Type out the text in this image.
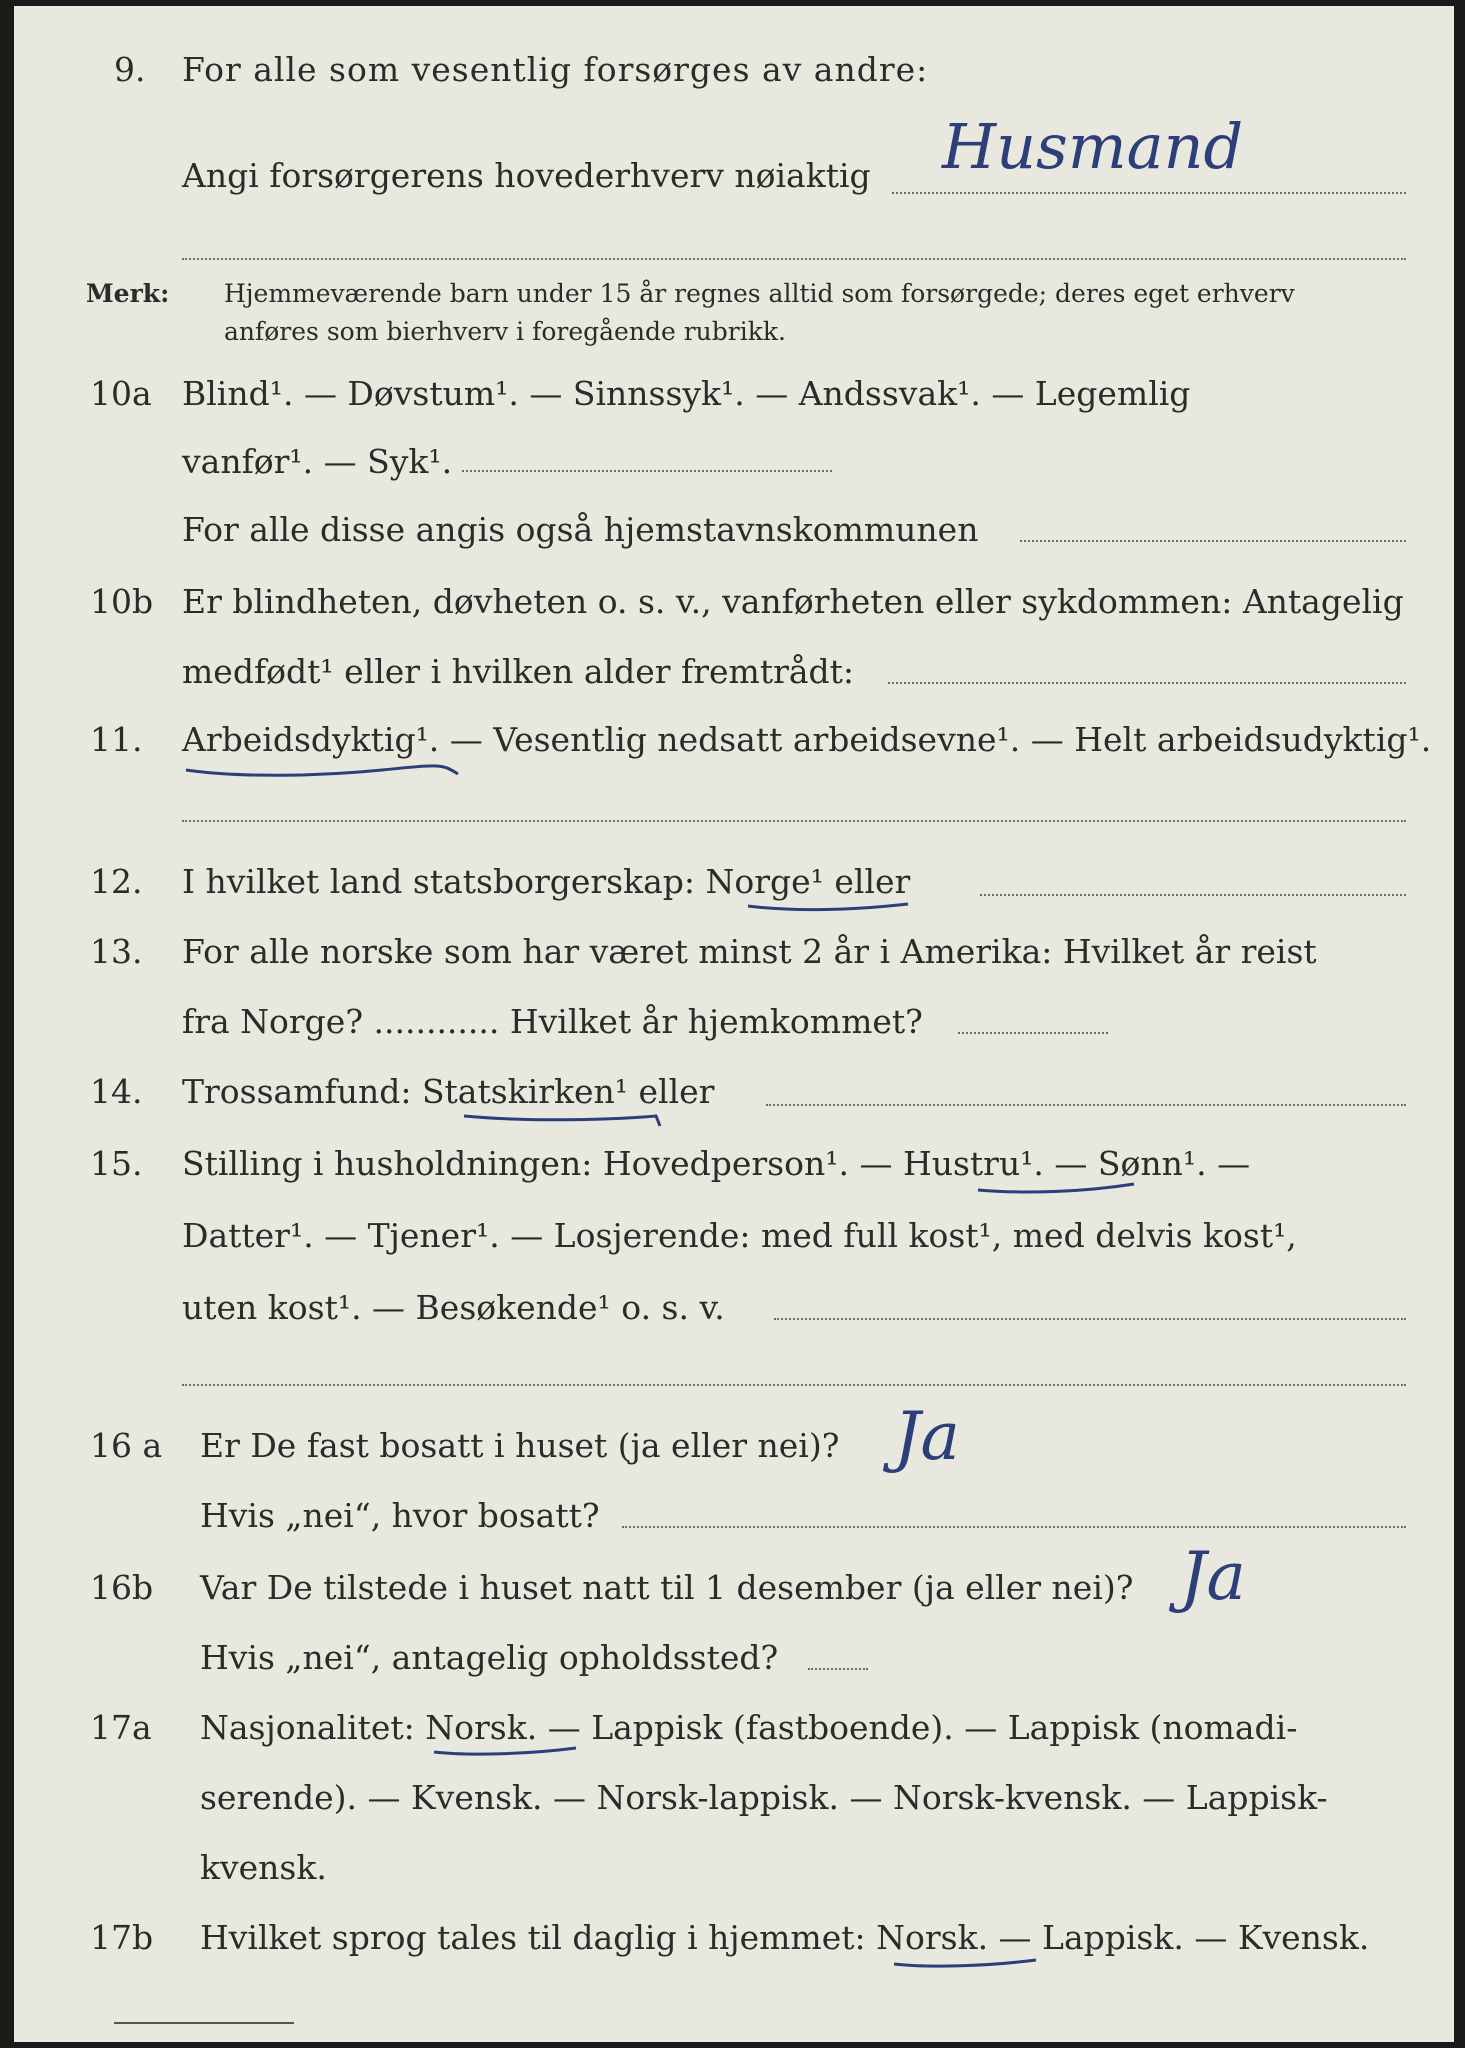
9. For alle som vesentlig forsørges av andre:
Angi forsørgerens hovederhverv nøiaktig Husmand
Merk: Hjemmeværende barn under 15 år regnes alltid som forsørgede; deres eget erhverv
anføres som bierhverv i foregående rubrikk.
10a Blind¹. — Døvstum¹. — Sinnssyk¹. — Andssvak¹. — Legemlig
vanfør¹. — Syk¹.
For alle disse angis også hjemstavnskommunen
10b Er blindheten, døvheten o. s. v., vanførheten eller sykdommen: Antagelig
medfødt¹ eller i hvilken alder fremtrådt:
11. Arbeidsdyktig¹. — Vesentlig nedsatt arbeidsevne¹. — Helt arbeidsudyktig¹.
12. I hvilket land statsborgerskap: Norge¹ eller
13. For alle norske som har været minst 2 år i Amerika: Hvilket år reist
fra Norge? ............ Hvilket år hjemkommet?
14. Trossamfund: Statskirken¹ eller
15. Stilling i husholdningen: Hovedperson¹. — Hustru¹. — Sønn¹. —
Datter¹. — Tjener¹. — Losjerende: med full kost¹, med delvis kost¹,
uten kost¹. — Besøkende¹ o. s. v.
16 a Er De fast bosatt i huset (ja eller nei)? Ja
Hvis „nei“, hvor bosatt?
16b Var De tilstede i huset natt til 1 desember (ja eller nei)? Ja
Hvis „nei“, antagelig opholdssted?
17a Nasjonalitet: Norsk. — Lappisk (fastboende). — Lappisk (nomadi-
serende). — Kvensk. — Norsk-lappisk. — Norsk-kvensk. — Lappisk-
kvensk.
17b Hvilket sprog tales til daglig i hjemmet: Norsk. — Lappisk. — Kvensk.
